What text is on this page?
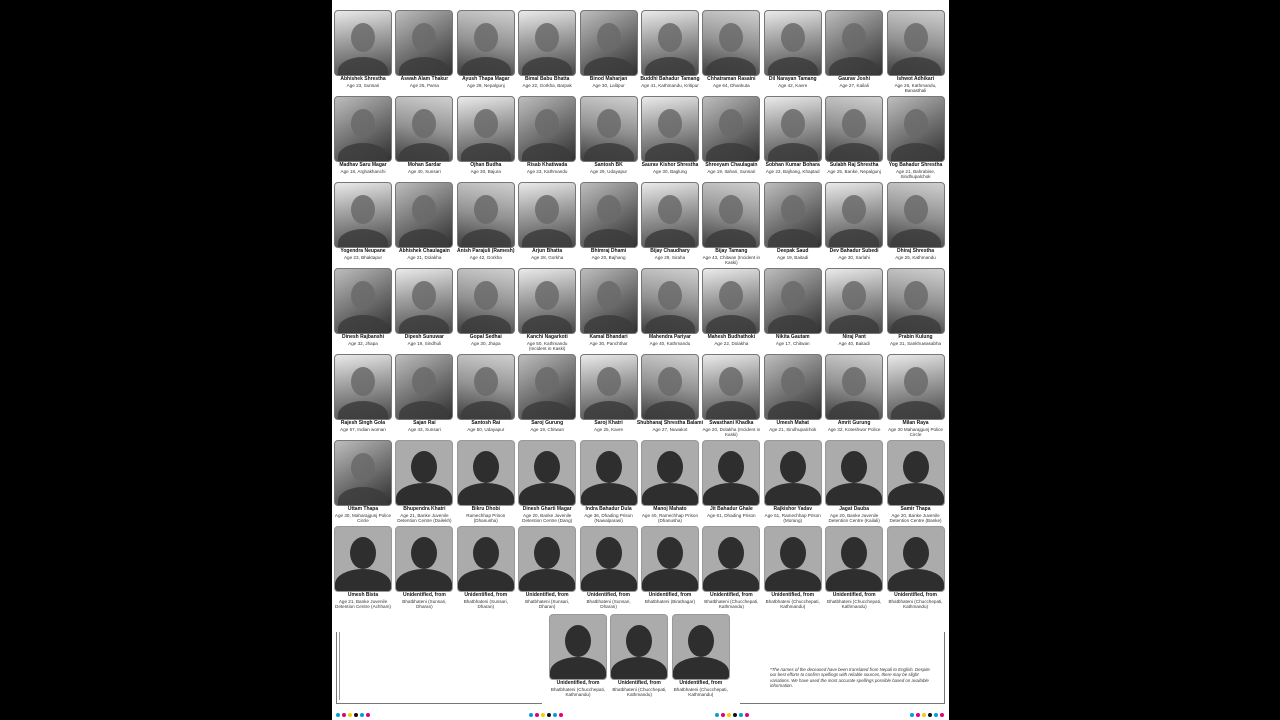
Abhishek Shrestha
Age 23, Sunsari
Aswah Alam Thakur
Age 25, Parsa
Ayush Thapa Magar
Age 29, Nepalgunj
Bimal Babu Bhatta
Age 22, Gorkha, Barpak
Binod Maharjan
Age 30, Lalitpur
Buddhi Bahadur Tamang
Age 41, Kathmandu, Kritipur
Chhatraman Rasaini
Age 64, Dhankuta
Dil Narayan Tamang
Age 42, Kavre
Gaurav Joshi
Age 27, Kailali
Ishwot Adhikari
Age 26, Kathmandu, Banasthali
Madhav Saru Magar
Age 18, Arghakhanchi
Mohan Sardar
Age 40, Sunsari
Ojhan Budha
Age 30, Bajura
Risab Khatiwada
Age 23, Kathmandu
Santosh BK
Age 29, Udayapur
Saurav Kishor Shrestha
Age 30, Baglung
Shreeyam Chaulagain
Age 19, Itahari, Sunsari
Sobhan Kumar Bohara
Age 23, Bajhang, Khaptad
Sulabh Raj Shrestha
Age 25, Banke, Nepalgunj
Yog Bahadur Shrestha
Age 21, Bahrabise, Sindhupalchok
Yogendra Neupane
Age 23, Bhaktapur
Abhishek Chaulagain
Age 21, Dolakha
Anish Parajuli (Ramesh)
Age 42, Gorkha
Arjun Bhatta
Age 28, Gorkha
Bhimraj Dhami
Age 20, Bajhang
Bijay Chaudhary
Age 29, Siraha
Bijay Tamang
Age 43, Chitwan (Incident in Kaski)
Deepak Saud
Age 19, Baitadi
Dev Bahadur Subedi
Age 30, Sarlahi
Dhiraj Shrestha
Age 25, Kathmandu
Dinesh Rajbanshi
Age 32, Jhapa
Dipesh Sunuwar
Age 19, Sindhuli
Gopal Sedhai
Age 30, Jhapa
Kanchi Nagarkoti
Age 50, Kathmandu (Incident in Kaski)
Kamal Bhandari
Age 30, Panchthar
Mahendra Pariyar
Age 40, Kathmandu
Mahesh Budhathoki
Age 22, Dolakha
Nikita Gautam
Age 17, Chitwan
Niraj Pant
Age 40, Baitadi
Prabin Kulung
Age 31, Sankhuwasabha
Rajesh Singh Gola
Age 57, Indian woman
Sajan Rai
Age 43, Sunsari
Santosh Rai
Age 50, Udayapur
Saroj Gurung
Age 19, Chitwan
Saroj Khatri
Age 25, Kavre
Shubhanaj Shrestha Balami
Age 27, Nuwakot
Swasthani Khadka
Age 20, Dolakha (Incident in Kaski)
Umesh Mahat
Age 21, Sindhupalchok
Amrit Gurung
Age 32, Koteshwor Police
Milan Raya
Age 30 Maharajgunj Police Circle
Uttam Thapa
Age 30, Maharajgunj Police Circle
Bhupendra Khatri
Age 21, Banke Juvenile Detention Centre (Dailekh)
Bikru Dhobi
Ramechhap Prison (Dhanusha)
Dinesh Gharti Magar
Age 20, Banke Juvenile Detention Centre (Dang)
Indra Bahadur Dula
Age 36, Dhading Prison (Nawalparasi)
Manoj Mahato
Age 40, Ramechhap Prison (Dhanusha)
Jit Bahadur Ghale
Age 61, Dhading Prison
Rajkishor Yadav
Age 51, Ramechhap Prison (Morang)
Jagat Dauba
Age 20, Banke Juvenile Detention Centre (Kailali)
Samir Thapa
Age 20, Banke Juvenile Detention Centre (Banke)
Umesh Bista
Age 21, Banke Juvenile Detention Centre (Achham)
Unidentified, from
Bhatbhateni (Sunsari, Dharan)
Unidentified, from
Bhatbhateni (Sunsari, Dharan)
Unidentified, from
Bhatbhateni (Sunsari, Dharan)
Unidentified, from
Bhatbhateni (Sunsari, Dharan)
Unidentified, from
Bhatbhateni (Birathagar)
Unidentified, from
Bhatbhateni (Chucchepati, Kathmandu)
Unidentified, from
Bhatbhateni (Chucchepati, Kathmandu)
Unidentified, from
Bhatbhateni (Chucchepati, Kathmandu)
Unidentified, from
Bhatbhateni (Chucchepati, Kathmandu)
Unidentified, from
Bhatbhateni (Chucchepati, Kathmandu)
Unidentified, from
Bhatbhateni (Chucchepati, Kathmandu)
Unidentified, from
Bhatbhateni (Chucchepati, Kathmandu)
*The names of the deceased have been translated from Nepali to English. Despite our best efforts to confirm spellings with reliable sources, there may be slight variations. We have used the most accurate spellings possible based on available information.
